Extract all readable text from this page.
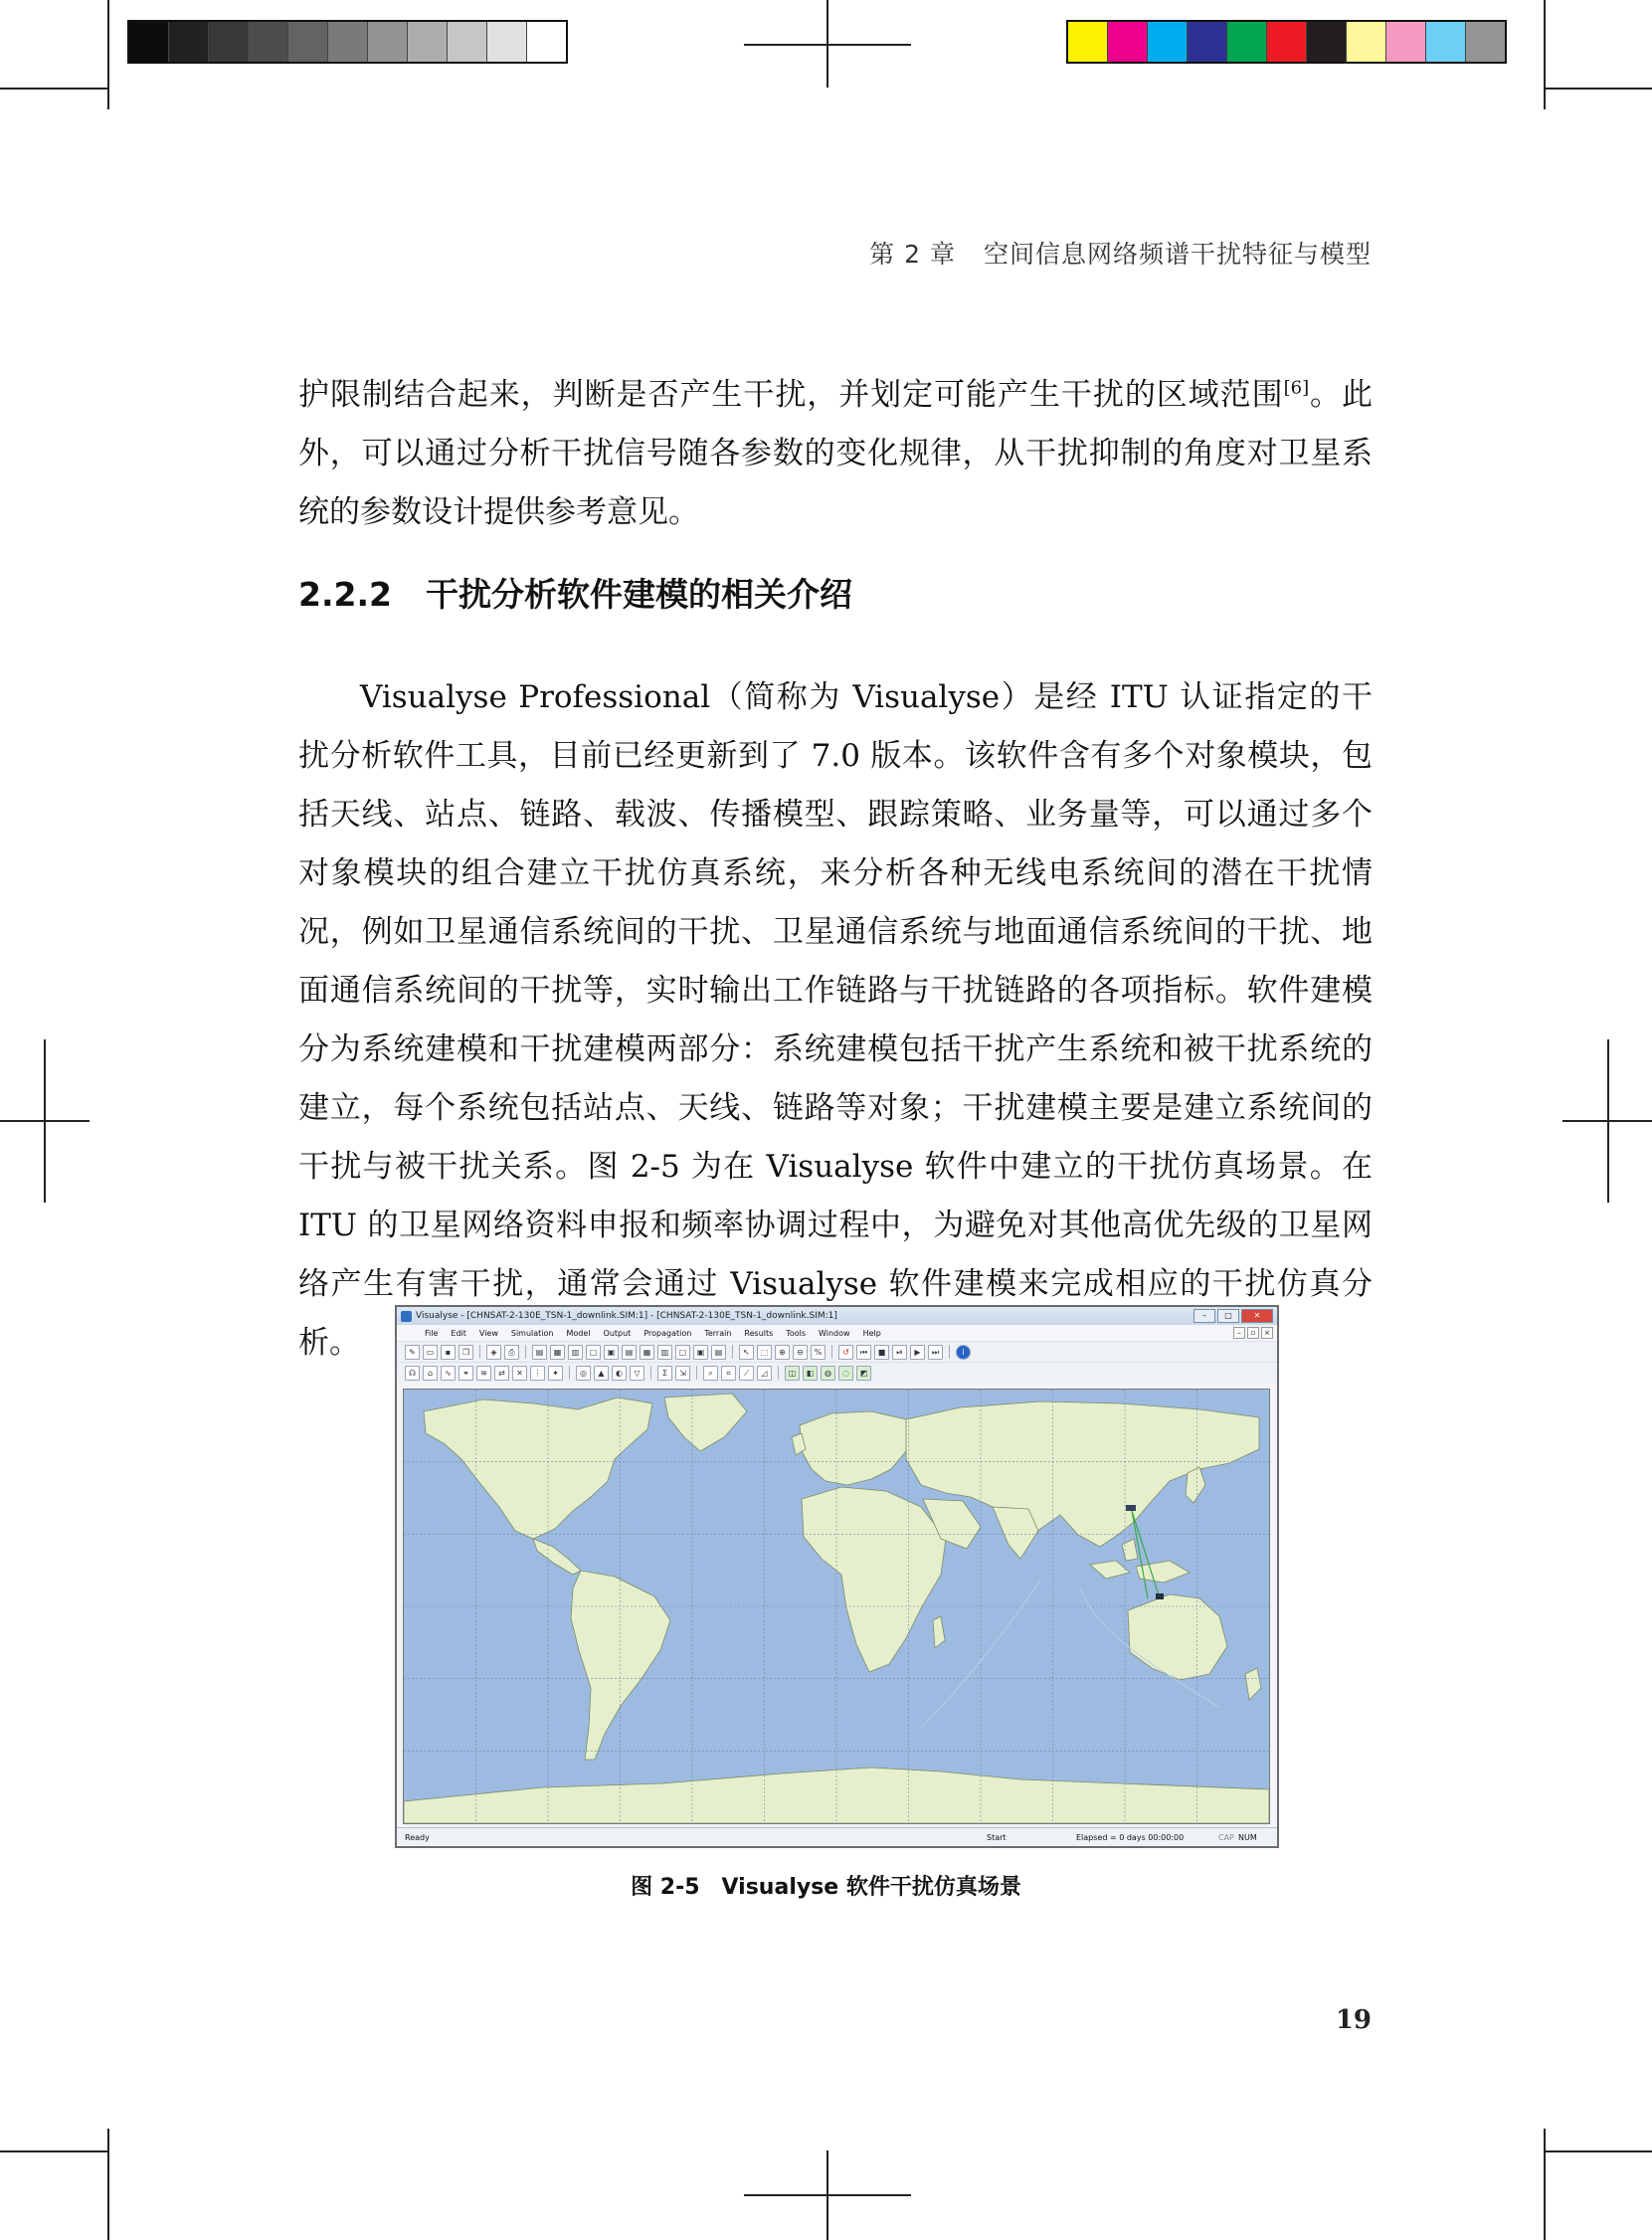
第 2 章 空间信息网络频谱干扰特征与模型
护限制结合起来，判断是否产生干扰，并划定可能产生干扰的区域范围[6]。此外，可以通过分析干扰信号随各参数的变化规律，从干扰抑制的角度对卫星系统的参数设计提供参考意见。
2.2.2 干扰分析软件建模的相关介绍
Visualyse Professional（简称为 Visualyse）是经 ITU 认证指定的干扰分析软件工具，目前已经更新到了 7.0 版本。该软件含有多个对象模块，包括天线、站点、链路、载波、传播模型、跟踪策略、业务量等，可以通过多个对象模块的组合建立干扰仿真系统，来分析各种无线电系统间的潜在干扰情况，例如卫星通信系统间的干扰、卫星通信系统与地面通信系统间的干扰、地面通信系统间的干扰等，实时输出工作链路与干扰链路的各项指标。软件建模分为系统建模和干扰建模两部分：系统建模包括干扰产生系统和被干扰系统的建立，每个系统包括站点、天线、链路等对象；干扰建模主要是建立系统间的干扰与被干扰关系。图 2-5 为在 Visualyse 软件中建立的干扰仿真场景。在 ITU 的卫星网络资料申报和频率协调过程中，为避免对其他高优先级的卫星网络产生有害干扰，通常会通过 Visualyse 软件建模来完成相应的干扰仿真分析。
Visualyse - [CHNSAT-2-130E_TSN-1_downlink.SIM:1] - [CHNSAT-2-130E_TSN-1_downlink.SIM:1]	–	□	✕
File Edit View Simulation Model Output Propagation Terrain Results Tools Window Help	–	▫	×
✎	▭	▪	❐	◈	⎙	▤	▦	▥	▢	▣	▤	▦	▥	▢	▣	▤	↖	⬚	⊕	⊖	%	↺	⏮	■	⏯	▶	⏭	i
☊	⌂	∿	⚭	≋	⇄	✕	⋮	✦	◎	▲	◐	▽	Σ	⇲	⌕	⌗	⟋	◿	◫	◧	◍	◌	◩
Ready	Start	Elapsed = 0 days 00:00:00	CAP NUM
图 2-5 Visualyse 软件干扰仿真场景
19
